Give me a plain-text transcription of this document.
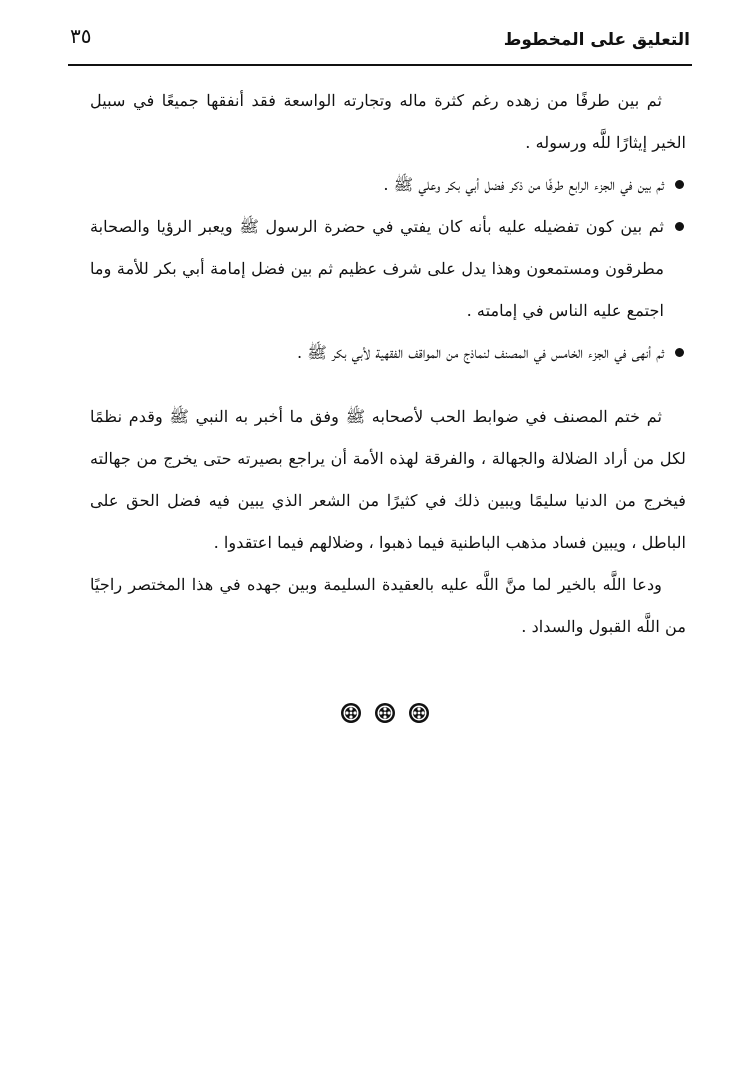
التعليق على المخطوط
٣٥

ثم بين طرفًا من زهده رغم كثرة ماله وتجارته الواسعة فقد أنفقها جميعًا في سبيل الخير إيثارًا للَّه ورسوله .

ثم بين في الجزء الرابع طرفًا من ذكر فضل أبي بكر وعلي ﷺ .

ثم بين كون تفضيله عليه بأنه كان يفتي في حضرة الرسول ﷺ ويعبر الرؤيا والصحابة مطرقون ومستمعون وهذا يدل على شرف عظيم ثم بين فضل إمامة أبي بكر للأمة وما اجتمع عليه الناس في إمامته .

ثم أنهى في الجزء الخامس في المصنف لنماذج من المواقف الفقهية لأبي بكر ﷺ .

ثم ختم المصنف في ضوابط الحب لأصحابه ﷺ وفق ما أخبر به النبي ﷺ وقدم نظمًا لكل من أراد الضلالة والجهالة ، والفرقة لهذه الأمة أن يراجع بصيرته حتى يخرج من جهالته فيخرج من الدنيا سليمًا ويبين ذلك في كثيرًا من الشعر الذي يبين فيه فضل الحق على الباطل ، ويبين فساد مذهب الباطنية فيما ذهبوا ، وضلالهم فيما اعتقدوا .

ودعا اللَّه بالخير لما منَّ اللَّه عليه بالعقيدة السليمة وبين جهده في هذا المختصر راجيًا من اللَّه القبول والسداد .
